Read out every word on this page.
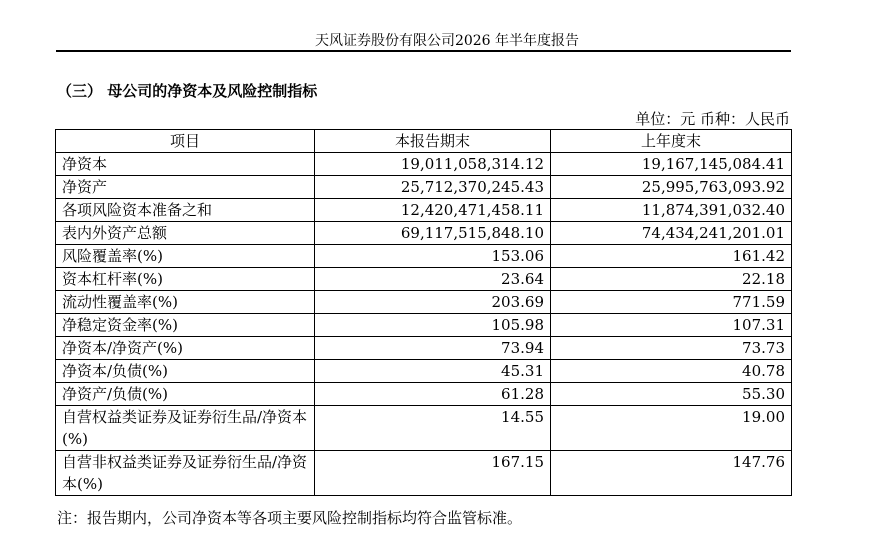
天风证券股份有限公司2026 年半年度报告
（三） 母公司的净资本及风险控制指标
单位：元 币种：人民币
项目	本报告期末	上年度末
净资本	19,011,058,314.12	19,167,145,084.41
净资产	25,712,370,245.43	25,995,763,093.92
各项风险资本准备之和	12,420,471,458.11	11,874,391,032.40
表内外资产总额	69,117,515,848.10	74,434,241,201.01
风险覆盖率(%)	153.06	161.42
资本杠杆率(%)	23.64	22.18
流动性覆盖率(%)	203.69	771.59
净稳定资金率(%)	105.98	107.31
净资本/净资产(%)	73.94	73.73
净资本/负债(%)	45.31	40.78
净资产/负债(%)	61.28	55.30
自营权益类证券及证券衍生品/净资本(%)	14.55	19.00
自营非权益类证券及证券衍生品/净资本(%)	167.15	147.76
注：报告期内，公司净资本等各项主要风险控制指标均符合监管标准。
